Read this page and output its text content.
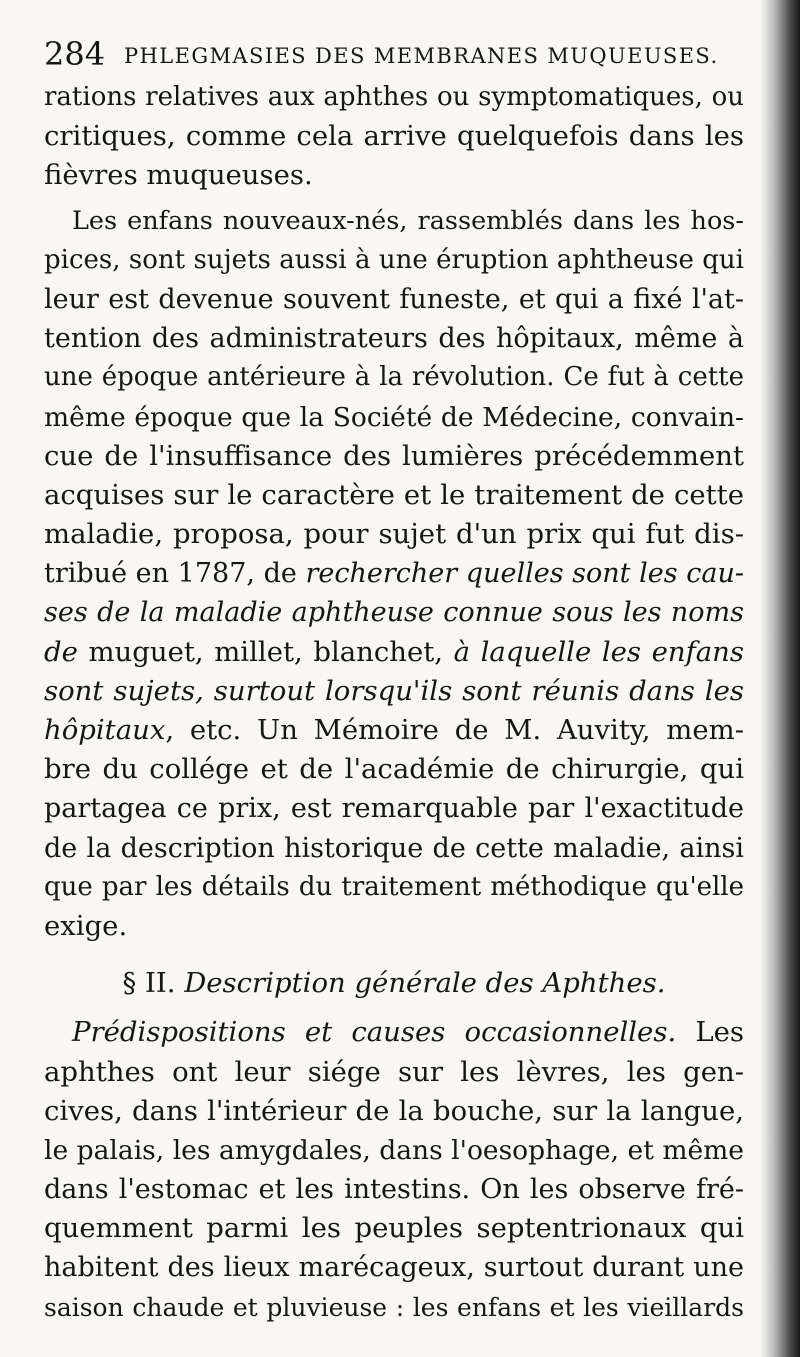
284 PHLEGMASIES DES MEMBRANES MUQUEUSES.
rations relatives aux aphthes ou symptomatiques, ou
critiques, comme cela arrive quelquefois dans les
fièvres muqueuses.
Les enfans nouveaux-nés, rassemblés dans les hos-
pices, sont sujets aussi à une éruption aphtheuse qui
leur est devenue souvent funeste, et qui a fixé l'at-
tention des administrateurs des hôpitaux, même à
une époque antérieure à la révolution. Ce fut à cette
même époque que la Société de Médecine, convain-
cue de l'insuffisance des lumières précédemment
acquises sur le caractère et le traitement de cette
maladie, proposa, pour sujet d'un prix qui fut dis-
tribué en 1787, de rechercher quelles sont les cau-
ses de la maladie aphtheuse connue sous les noms
de muguet, millet, blanchet, à laquelle les enfans
sont sujets, surtout lorsqu'ils sont réunis dans les
hôpitaux, etc. Un Mémoire de M. Auvity, mem-
bre du collége et de l'académie de chirurgie, qui
partagea ce prix, est remarquable par l'exactitude
de la description historique de cette maladie, ainsi
que par les détails du traitement méthodique qu'elle
exige.
§ II. Description générale des Aphthes.
Prédispositions et causes occasionnelles. Les
aphthes ont leur siége sur les lèvres, les gen-
cives, dans l'intérieur de la bouche, sur la langue,
le palais, les amygdales, dans l'oesophage, et même
dans l'estomac et les intestins. On les observe fré-
quemment parmi les peuples septentrionaux qui
habitent des lieux marécageux, surtout durant une
saison chaude et pluvieuse : les enfans et les vieillards
